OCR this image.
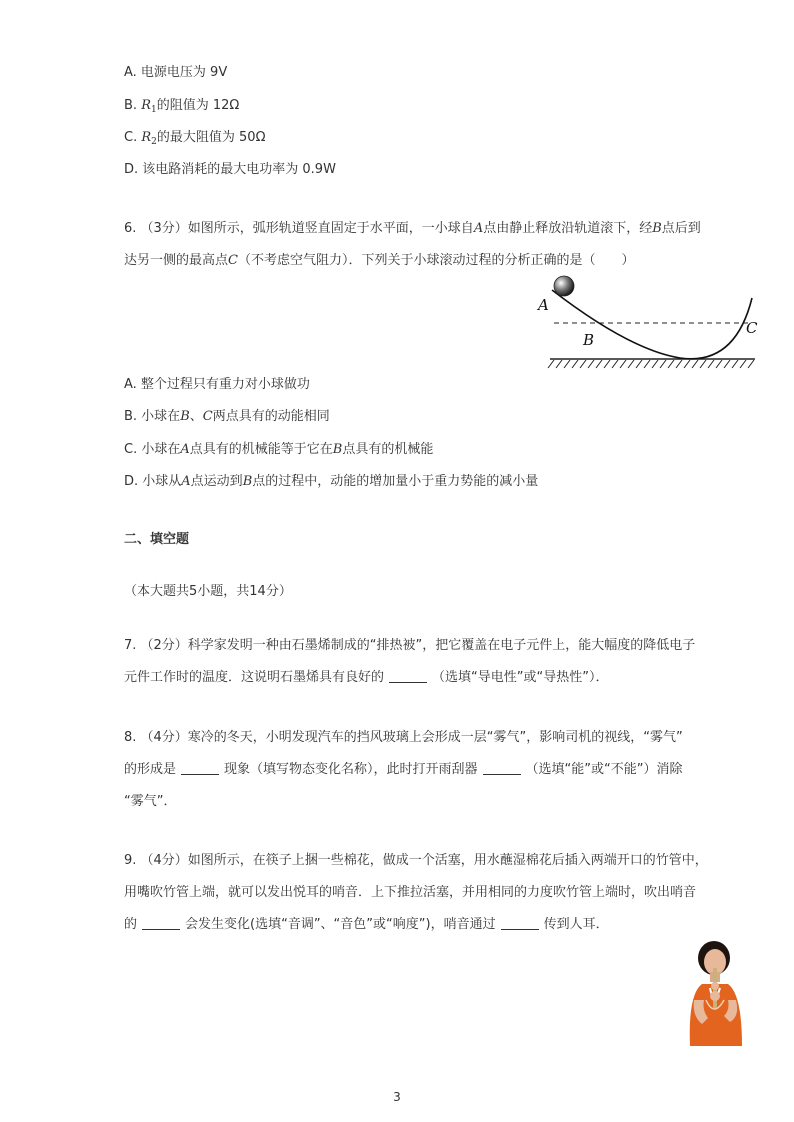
A. 电源电压为 9V
B. $R_1$的阻值为 12Ω
C. $R_2$的最大阻值为 50Ω
D. 该电路消耗的最大电功率为 0.9W
6. （3分）如图所示，弧形轨道竖直固定于水平面，一小球自A点由静止释放沿轨道滚下，经B点后到
达另一侧的最高点C（不考虑空气阻力）．下列关于小球滚动过程的分析正确的是（　　）
A
B
C
A. 整个过程只有重力对小球做功
B. 小球在B、C两点具有的动能相同
C. 小球在A点具有的机械能等于它在B点具有的机械能
D. 小球从A点运动到B点的过程中，动能的增加量小于重力势能的减小量
二、填空题
（本大题共5小题，共14分）
7. （2分）科学家发明一种由石墨烯制成的“排热被”，把它覆盖在电子元件上，能大幅度的降低电子
元件工作时的温度．这说明石墨烯具有良好的	（选填“导电性”或“导热性”）．
8. （4分）寒冷的冬天，小明发现汽车的挡风玻璃上会形成一层“雾气”，影响司机的视线，“雾气”
的形成是	现象（填写物态变化名称），此时打开雨刮器	（选填“能”或“不能”）消除
“雾气”．
9. （4分）如图所示，在筷子上捆一些棉花，做成一个活塞，用水蘸湿棉花后插入两端开口的竹管中，
用嘴吹竹管上端，就可以发出悦耳的哨音．上下推拉活塞，并用相同的力度吹竹管上端时，吹出哨音
的	会发生变化(选填“音调”、“音色”或“响度”)，哨音通过	传到人耳．
3
